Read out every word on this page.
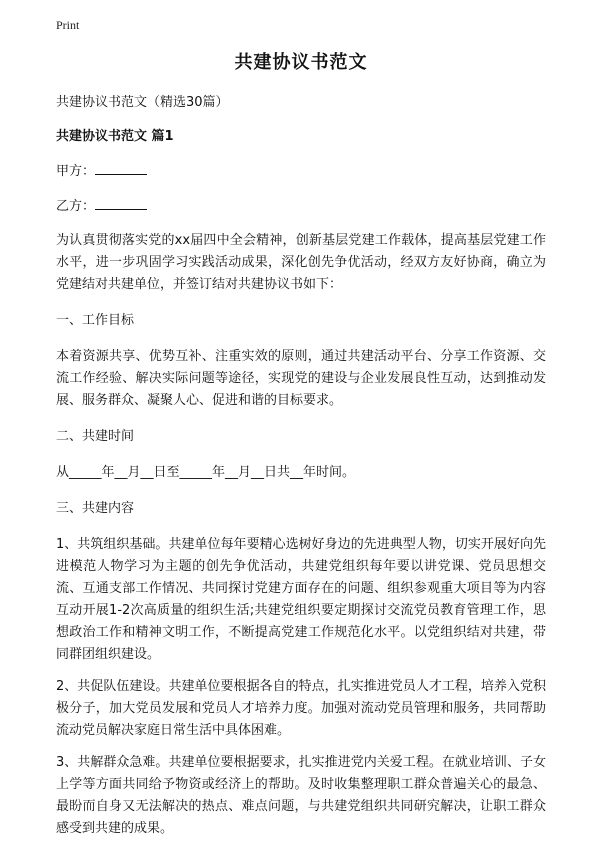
Print
共建协议书范文

共建协议书范文（精选30篇）

共建协议书范文 篇1

甲方：

乙方：

为认真贯彻落实党的xx届四中全会精神，创新基层党建工作载体，提高基层党建工作水平，进一步巩固学习实践活动成果，深化创先争优活动，经双方友好协商，确立为党建结对共建单位，并签订结对共建协议书如下：

一、工作目标

本着资源共享、优势互补、注重实效的原则，通过共建活动平台、分享工作资源、交流工作经验、解决实际问题等途径，实现党的建设与企业发展良性互动，达到推动发展、服务群众、凝聚人心、促进和谐的目标要求。

二、共建时间

从_____年__月__日至_____年__月__日共__年时间。

三、共建内容

1、共筑组织基础。共建单位每年要精心选树好身边的先进典型人物，切实开展好向先进模范人物学习为主题的创先争优活动，共建党组织每年要以讲党课、党员思想交流、互通支部工作情况、共同探讨党建方面存在的问题、组织参观重大项目等为内容互动开展1-2次高质量的组织生活;共建党组织要定期探讨交流党员教育管理工作，思想政治工作和精神文明工作，不断提高党建工作规范化水平。以党组织结对共建，带同群团组织建设。

2、共促队伍建设。共建单位要根据各自的特点，扎实推进党员人才工程，培养入党积极分子，加大党员发展和党员人才培养力度。加强对流动党员管理和服务，共同帮助流动党员解决家庭日常生活中具体困难。

3、共解群众急难。共建单位要根据要求，扎实推进党内关爱工程。在就业培训、子女上学等方面共同给予物资或经济上的帮助。及时收集整理职工群众普遍关心的最急、最盼而自身又无法解决的热点、难点问题，与共建党组织共同研究解决，让职工群众感受到共建的成果。
